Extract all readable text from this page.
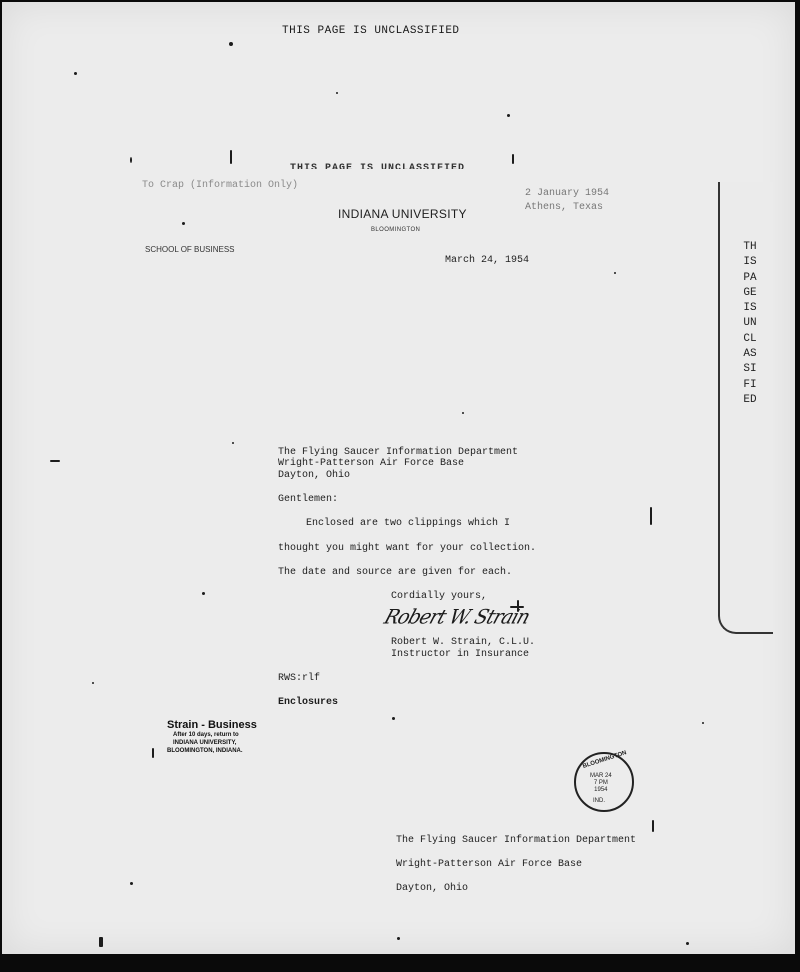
THIS PAGE IS UNCLASSIFIED
THIS PAGE IS UNCLASSIFIED
To Crap (Information Only)
2 January 1954
Athens, Texas
INDIANA UNIVERSITY
BLOOMINGTON
SCHOOL OF BUSINESS
March 24, 1954
The Flying Saucer Information Department
Wright-Patterson Air Force Base
Dayton, Ohio
Gentlemen:
Enclosed are two clippings which I
thought you might want for your collection.
The date and source are given for each.
Cordially yours,
Robert W. Strain
Robert W. Strain, C.L.U.
Instructor in Insurance
RWS:rlf
Enclosures
Strain - Business
After 10 days, return to
INDIANA UNIVERSITY,
BLOOMINGTON, INDIANA.	BLOOMINGTON
MAR 24
7 PM
1954
IND.
The Flying Saucer Information Department
Wright-Patterson Air Force Base
Dayton, Ohio
THIS PAGE IS UNCLASSIFIED
